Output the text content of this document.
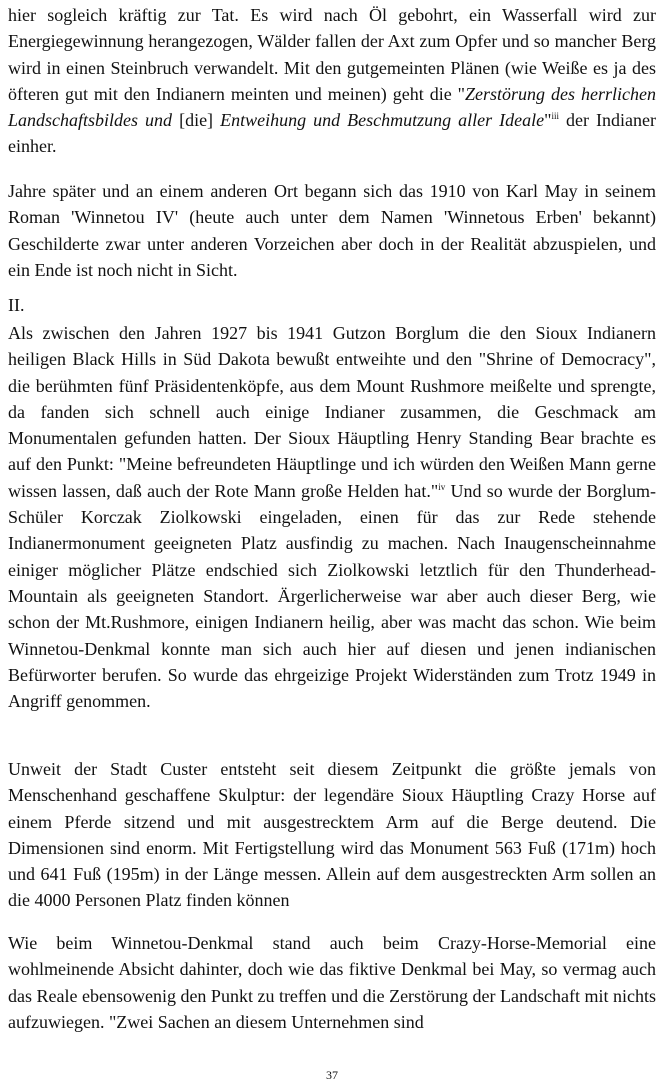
hier sogleich kräftig zur Tat. Es wird nach Öl gebohrt, ein Wasserfall wird zur Energiegewinnung herangezogen, Wälder fallen der Axt zum Opfer und so mancher Berg wird in einen Steinbruch verwandelt. Mit den gutgemeinten Plänen (wie Weiße es ja des öfteren gut mit den Indianern meinten und meinen) geht die "Zerstörung des herrlichen Landschaftsbildes und [die] Entweihung und Beschmutzung aller Ideale"$^{iii}$ der Indianer einher.

Jahre später und an einem anderen Ort begann sich das 1910 von Karl May in seinem Roman 'Winnetou IV' (heute auch unter dem Namen 'Winnetous Erben' bekannt) Geschilderte zwar unter anderen Vorzeichen aber doch in der Realität abzuspielen, und ein Ende ist noch nicht in Sicht.

II.

Als zwischen den Jahren 1927 bis 1941 Gutzon Borglum die den Sioux Indianern heiligen Black Hills in Süd Dakota bewußt entweihte und den "Shrine of Democracy", die berühmten fünf Präsidentenköpfe, aus dem Mount Rushmore meißelte und sprengte, da fanden sich schnell auch einige Indianer zusammen, die Geschmack am Monumentalen gefunden hatten. Der Sioux Häuptling Henry Standing Bear brachte es auf den Punkt: "Meine befreundeten Häuptlinge und ich würden den Weißen Mann gerne wissen lassen, daß auch der Rote Mann große Helden hat."$^{iv}$ Und so wurde der Borglum-Schüler Korczak Ziolkowski eingeladen, einen für das zur Rede stehende Indianermonument geeigneten Platz ausfindig zu machen. Nach Inaugenscheinnahme einiger möglicher Plätze endschied sich Ziolkowski letztlich für den Thunderhead-Mountain als geeigneten Standort. Ärgerlicherweise war aber auch dieser Berg, wie schon der Mt.Rushmore, einigen Indianern heilig, aber was macht das schon. Wie beim Winnetou-Denkmal konnte man sich auch hier auf diesen und jenen indianischen Befürworter berufen. So wurde das ehrgeizige Projekt Widerständen zum Trotz 1949 in Angriff genommen.

Unweit der Stadt Custer entsteht seit diesem Zeitpunkt die größte jemals von Menschenhand geschaffene Skulptur: der legendäre Sioux Häuptling Crazy Horse auf einem Pferde sitzend und mit ausgestrecktem Arm auf die Berge deutend. Die Dimensionen sind enorm. Mit Fertigstellung wird das Monument 563 Fuß (171m) hoch und 641 Fuß (195m) in der Länge messen. Allein auf dem ausgestreckten Arm sollen an die 4000 Personen Platz finden können

Wie beim Winnetou-Denkmal stand auch beim Crazy-Horse-Memorial eine wohlmeinende Absicht dahinter, doch wie das fiktive Denkmal bei May, so vermag auch das Reale ebensowenig den Punkt zu treffen und die Zerstörung der Landschaft mit nichts aufzuwiegen. "Zwei Sachen an diesem Unternehmen sind

37
